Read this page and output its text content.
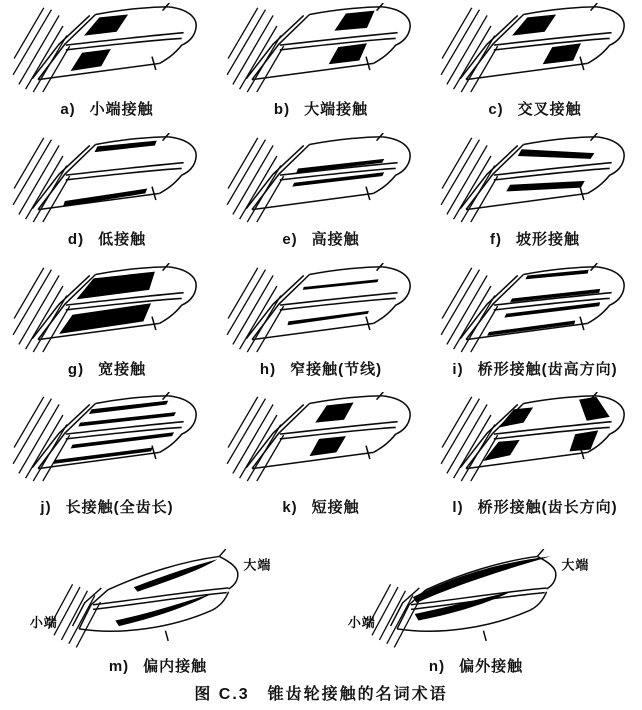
a) 小端接触	b) 大端接触	c) 交叉接触
d) 低接触	e) 高接触	f) 坡形接触
g) 宽接触	h) 窄接触(节线)	i) 桥形接触(齿高方向)
j) 长接触(全齿长)	k) 短接触	l) 桥形接触(齿长方向)
小端
大端
m) 偏内接触
小端
大端
n) 偏外接触
图 C.3　锥齿轮接触的名词术语
